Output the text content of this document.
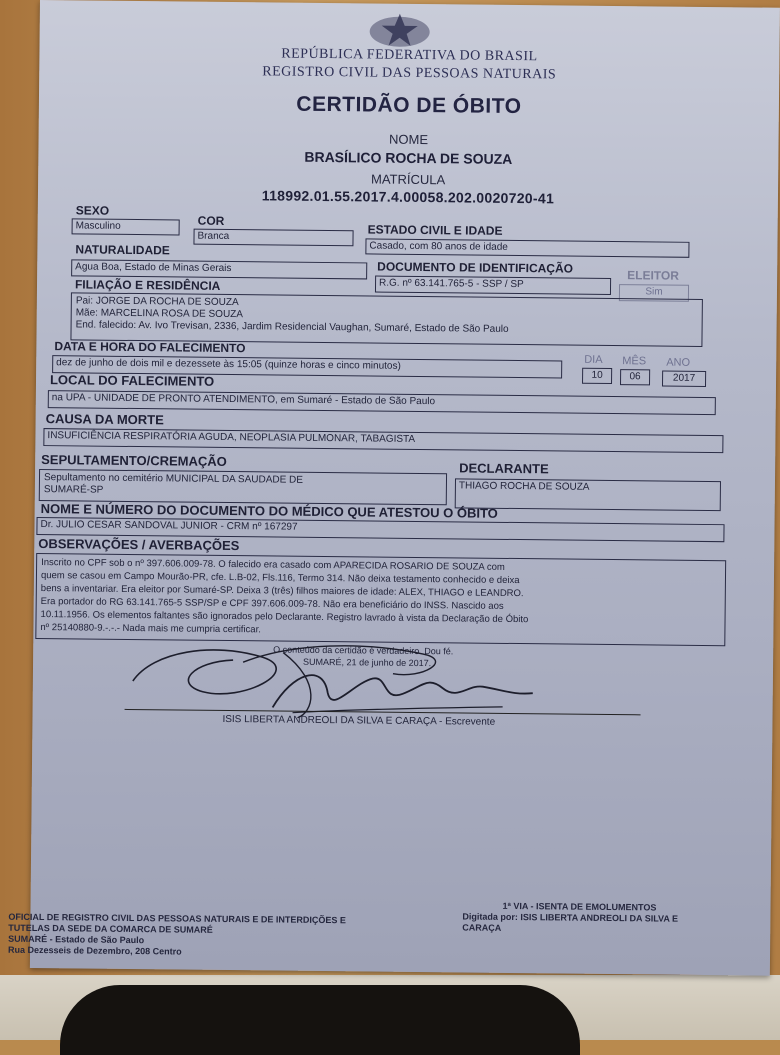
REPÚBLICA FEDERATIVA DO BRASIL
REGISTRO CIVIL DAS PESSOAS NATURAIS
CERTIDÃO DE ÓBITO
NOME
BRASÍLICO ROCHA DE SOUZA
MATRÍCULA
118992.01.55.2017.4.00058.202.0020720-41
SEXO
Masculino	COR
Branca	ESTADO CIVIL E IDADE
Casado, com 80 anos de idade
NATURALIDADE
Agua Boa, Estado de Minas Gerais	DOCUMENTO DE IDENTIFICAÇÃO
R.G. nº 63.141.765-5 - SSP / SP
ELEITOR
Sim
FILIAÇÃO E RESIDÊNCIA
Pai: JORGE DA ROCHA DE SOUZA
Mãe: MARCELINA ROSA DE SOUZA
End. falecido: Av. Ivo Trevisan, 2336, Jardim Residencial Vaughan, Sumaré, Estado de São Paulo
DATA E HORA DO FALECIMENTO
dez de junho de dois mil e dezessete às 15:05 (quinze horas e cinco minutos)	DIA MÊS ANO
10	06	2017
LOCAL DO FALECIMENTO
na UPA - UNIDADE DE PRONTO ATENDIMENTO, em Sumaré - Estado de São Paulo
CAUSA DA MORTE
INSUFICIÊNCIA RESPIRATÓRIA AGUDA, NEOPLASIA PULMONAR, TABAGISTA
SEPULTAMENTO/CREMAÇÃO
Sepultamento no cemitério MUNICIPAL DA SAUDADE DE
SUMARÉ-SP
DECLARANTE
THIAGO ROCHA DE SOUZA
NOME E NÚMERO DO DOCUMENTO DO MÉDICO QUE ATESTOU O ÓBITO
Dr. JULIO CESAR SANDOVAL JUNIOR - CRM nº 167297
OBSERVAÇÕES / AVERBAÇÕES
Inscrito no CPF sob o nº 397.606.009-78. O falecido era casado com APARECIDA ROSARIO DE SOUZA com
quem se casou em Campo Mourão-PR, cfe. L.B-02, Fls.116, Termo 314. Não deixa testamento conhecido e deixa
bens a inventariar. Era eleitor por Sumaré-SP. Deixa 3 (três) filhos maiores de idade: ALEX, THIAGO e LEANDRO.
Era portador do RG 63.141.765-5 SSP/SP e CPF 397.606.009-78. Não era beneficiário do INSS. Nascido aos
10.11.1956. Os elementos faltantes são ignorados pelo Declarante. Registro lavrado à vista da Declaração de Óbito
nº 25140880-9.-.-.- Nada mais me cumpria certificar.
O conteúdo da certidão é verdadeiro. Dou fé.
SUMARÉ, 21 de junho de 2017.
ISIS LIBERTA ANDREOLI DA SILVA E CARAÇA - Escrevente
OFICIAL DE REGISTRO CIVIL DAS PESSOAS NATURAIS E DE INTERDIÇÕES E
TUTELAS DA SEDE DA COMARCA DE SUMARÉ
SUMARÉ - Estado de São Paulo
Rua Dezesseis de Dezembro, 208 Centro
1ª VIA - ISENTA DE EMOLUMENTOS
Digitada por: ISIS LIBERTA ANDREOLI DA SILVA E
CARAÇA
